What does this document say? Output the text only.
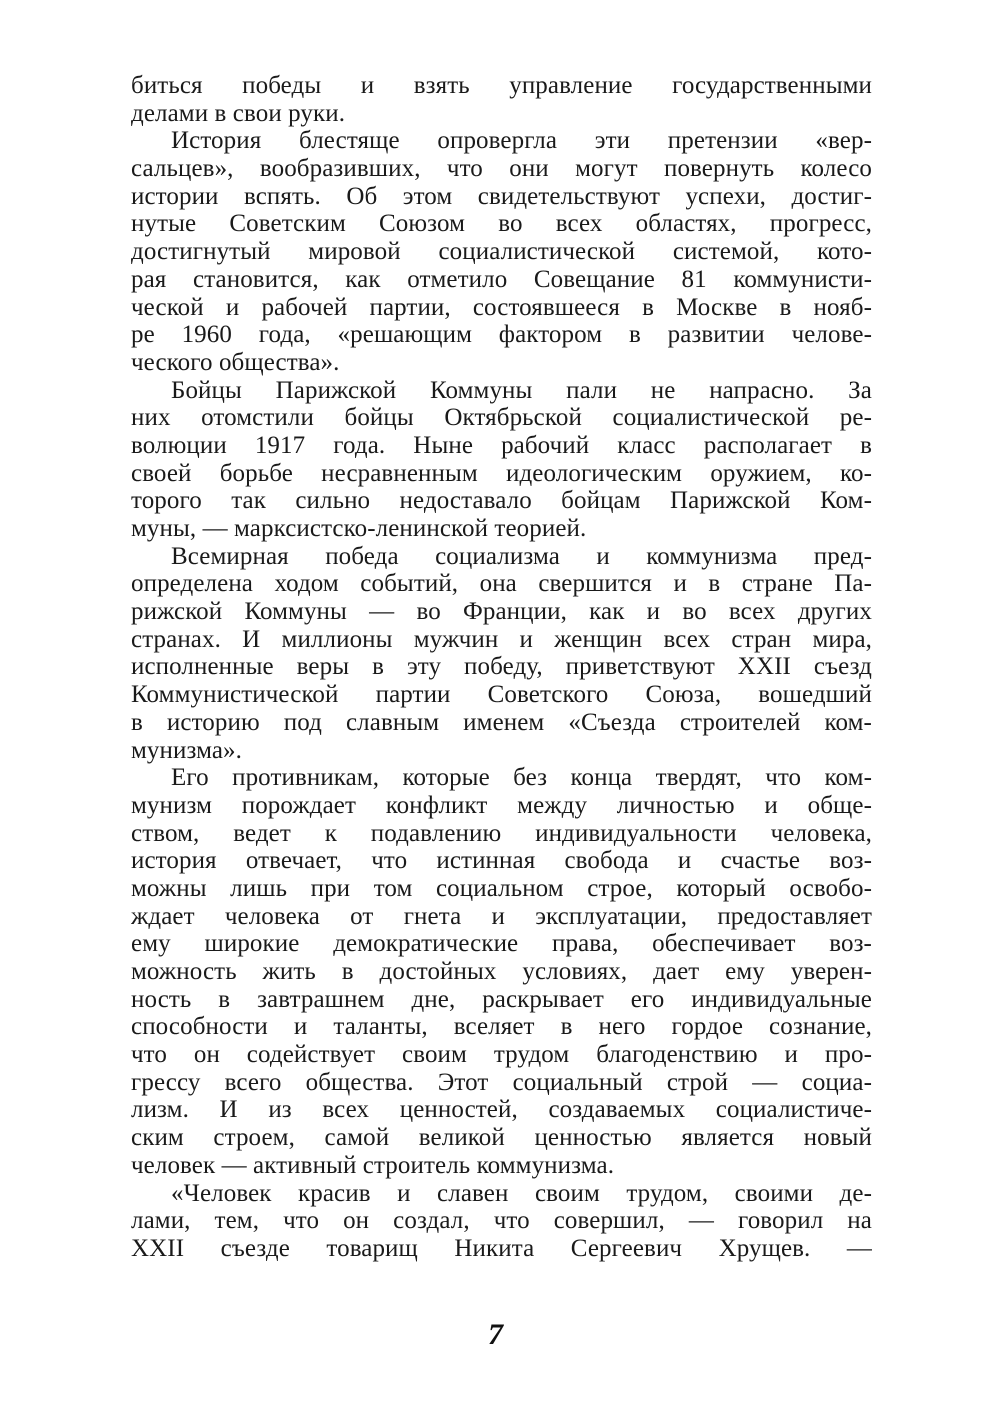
биться победы и взять управление государственными
делами в свои руки.
История блестяще опровергла эти претензии «вер-
сальцев», вообразивших, что они могут повернуть колесо
истории вспять. Об этом свидетельствуют успехи, достиг-
нутые Советским Союзом во всех областях, прогресс,
достигнутый мировой социалистической системой, кото-
рая становится, как отметило Совещание 81 коммунисти-
ческой и рабочей партии, состоявшееся в Москве в нояб-
ре 1960 года, «решающим фактором в развитии челове-
ческого общества».
Бойцы Парижской Коммуны пали не напрасно. За
них отомстили бойцы Октябрьской социалистической ре-
волюции 1917 года. Ныне рабочий класс располагает в
своей борьбе несравненным идеологическим оружием, ко-
торого так сильно недоставало бойцам Парижской Ком-
муны, — марксистско-ленинской теорией.
Всемирная победа социализма и коммунизма пред-
определена ходом событий, она свершится и в стране Па-
рижской Коммуны — во Франции, как и во всех других
странах. И миллионы мужчин и женщин всех стран мира,
исполненные веры в эту победу, приветствуют XXII съезд
Коммунистической партии Советского Союза, вошедший
в историю под славным именем «Съезда строителей ком-
мунизма».
Его противникам, которые без конца твердят, что ком-
мунизм порождает конфликт между личностью и обще-
ством, ведет к подавлению индивидуальности человека,
история отвечает, что истинная свобода и счастье воз-
можны лишь при том социальном строе, который освобо-
ждает человека от гнета и эксплуатации, предоставляет
ему широкие демократические права, обеспечивает воз-
можность жить в достойных условиях, дает ему уверен-
ность в завтрашнем дне, раскрывает его индивидуальные
способности и таланты, вселяет в него гордое сознание,
что он содействует своим трудом благоденствию и про-
грессу всего общества. Этот социальный строй — социа-
лизм. И из всех ценностей, создаваемых социалистиче-
ским строем, самой великой ценностью является новый
человек — активный строитель коммунизма.
«Человек красив и славен своим трудом, своими де-
лами, тем, что он создал, что совершил, — говорил на
XXII съезде товарищ Никита Сергеевич Хрущев. —
7
